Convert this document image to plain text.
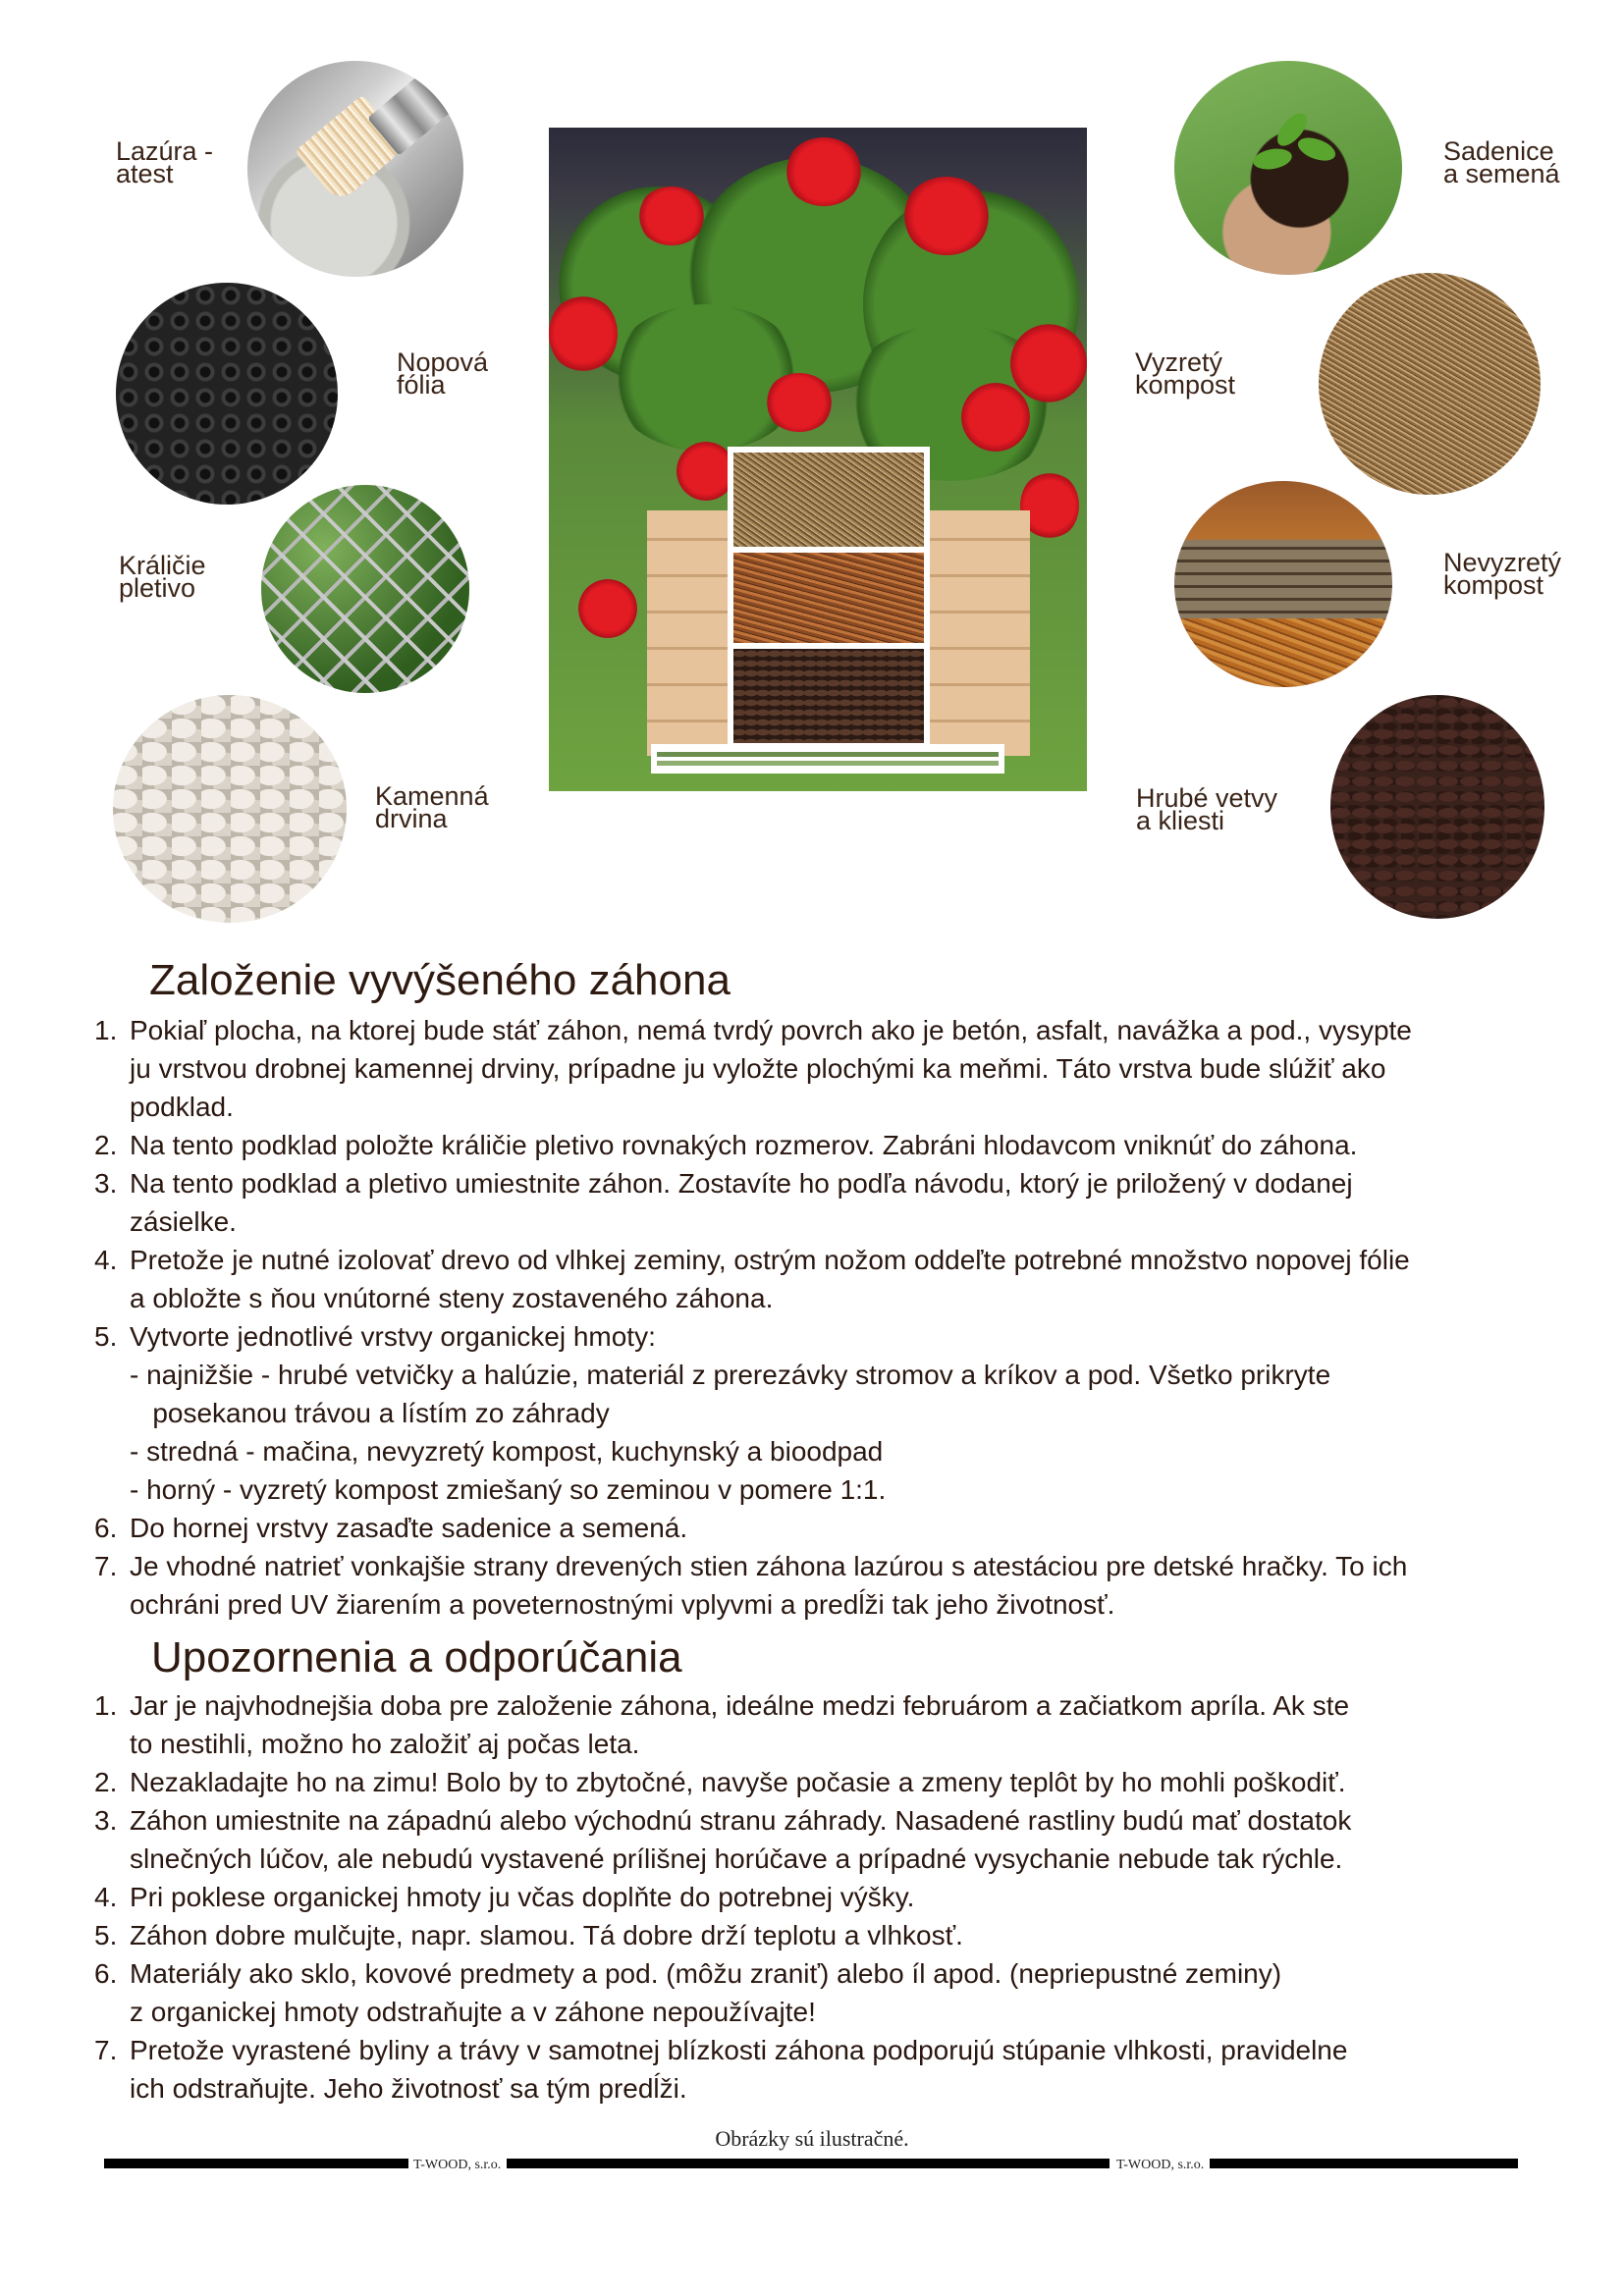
Lazúra -
atest
Nopová
fólia
Králičie
pletivo
Kamenná
drvina
Sadenice
a semená
Vyzretý
kompost
Nevyzretý
kompost
Hrubé vetvy
a kliesti
Založenie vyvýšeného záhona
1. Pokiaľ plocha, na ktorej bude stáť záhon, nemá tvrdý povrch ako je betón, asfalt, navážka a pod., vysypte
ju vrstvou drobnej kamennej drviny, prípadne ju vyložte plochými ka meňmi. Táto vrstva bude slúžiť ako
podklad.
2. Na tento podklad položte králičie pletivo rovnakých rozmerov. Zabráni hlodavcom vniknúť do záhona.
3. Na tento podklad a pletivo umiestnite záhon. Zostavíte ho podľa návodu, ktorý je priložený v dodanej
zásielke.
4. Pretože je nutné izolovať drevo od vlhkej zeminy, ostrým nožom oddeľte potrebné množstvo nopovej fólie
a obložte s ňou vnútorné steny zostaveného záhona.
5. Vytvorte jednotlivé vrstvy organickej hmoty:
- najnižšie - hrubé vetvičky a halúzie, materiál z prerezávky stromov a kríkov a pod. Všetko prikryte
posekanou trávou a lístím zo záhrady
- stredná - mačina, nevyzretý kompost, kuchynský a bioodpad
- horný - vyzretý kompost zmiešaný so zeminou v pomere 1:1.
6. Do hornej vrstvy zasaďte sadenice a semená.
7. Je vhodné natrieť vonkajšie strany drevených stien záhona lazúrou s atestáciou pre detské hračky. To ich
ochráni pred UV žiarením a poveternostnými vplyvmi a predĺži tak jeho životnosť.
Upozornenia a odporúčania
1. Jar je najvhodnejšia doba pre založenie záhona, ideálne medzi februárom a začiatkom apríla. Ak ste
to nestihli, možno ho založiť aj počas leta.
2. Nezakladajte ho na zimu! Bolo by to zbytočné, navyše počasie a zmeny teplôt by ho mohli poškodiť.
3. Záhon umiestnite na západnú alebo východnú stranu záhrady. Nasadené rastliny budú mať dostatok
slnečných lúčov, ale nebudú vystavené prílišnej horúčave a prípadné vysychanie nebude tak rýchle.
4. Pri poklese organickej hmoty ju včas doplňte do potrebnej výšky.
5. Záhon dobre mulčujte, napr. slamou. Tá dobre drží teplotu a vlhkosť.
6. Materiály ako sklo, kovové predmety a pod. (môžu zraniť) alebo íl apod. (nepriepustné zeminy)
z organickej hmoty odstraňujte a v záhone nepoužívajte!
7. Pretože vyrastené byliny a trávy v samotnej blízkosti záhona podporujú stúpanie vlhkosti, pravidelne
ich odstraňujte. Jeho životnosť sa tým predĺži.
Obrázky sú ilustračné.
T-WOOD, s.r.o.	T-WOOD, s.r.o.
